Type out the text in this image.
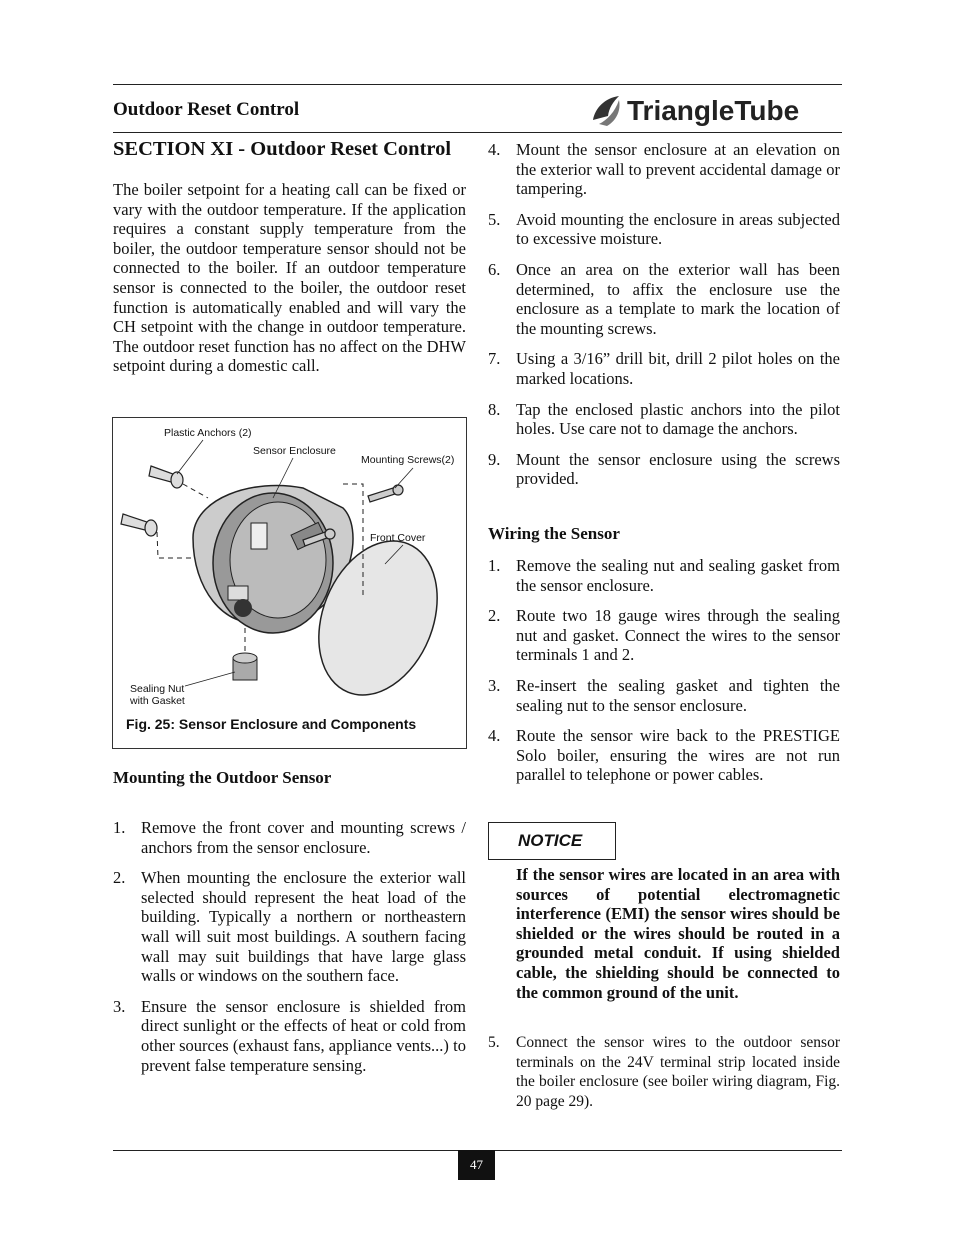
Outdoor Reset Control	TriangleTube
SECTION XI - Outdoor Reset Control
The boiler setpoint for a heating call can be fixed or vary with the outdoor temperature. If the application requires a constant supply temperature from the boiler, the outdoor temperature sensor should not be connected to the boiler. If an outdoor temperature sensor is connected to the boiler, the outdoor reset function is automatically enabled and will vary the CH setpoint with the change in outdoor temperature. The outdoor reset function has no affect on the DHW setpoint during a domestic call.
Plastic Anchors (2)
Sensor Enclosure
Mounting Screws(2)
Front Cover
Sealing Nut
with Gasket
Fig. 25: Sensor Enclosure and Components
Mounting the Outdoor Sensor
1. Remove the front cover and mounting screws / anchors from the sensor enclosure.
2. When mounting the enclosure the exterior wall selected should represent the heat load of the building. Typically a northern or northeastern wall will suit most buildings. A southern facing wall may suit buildings that have large glass walls or windows on the southern face.
3. Ensure the sensor enclosure is shielded from direct sunlight or the effects of heat or cold from other sources (exhaust fans, appliance vents...) to prevent false temperature sensing.
4. Mount the sensor enclosure at an elevation on the exterior wall to prevent accidental damage or tampering.
5. Avoid mounting the enclosure in areas subjected to excessive moisture.
6. Once an area on the exterior wall has been determined, to affix the enclosure use the enclosure as a template to mark the location of the mounting screws.
7. Using a 3/16” drill bit, drill 2 pilot holes on the marked locations.
8. Tap the enclosed plastic anchors into the pilot holes. Use care not to damage the anchors.
9. Mount the sensor enclosure using the screws provided.
Wiring the Sensor
1. Remove the sealing nut and sealing gasket from the sensor enclosure.
2. Route two 18 gauge wires through the sealing nut and gasket. Connect the wires to the sensor terminals 1 and 2.
3. Re-insert the sealing gasket and tighten the sealing nut to the sensor enclosure.
4. Route the sensor wire back to the PRESTIGE Solo boiler, ensuring the wires are not run parallel to telephone or power cables.
NOTICE
If the sensor wires are located in an area with sources of potential electromagnetic interference (EMI) the sensor wires should be shielded or the wires should be routed in a grounded metal conduit. If using shielded cable, the shielding should be connected to the common ground of the unit.
5. Connect the sensor wires to the outdoor sensor terminals on the 24V terminal strip located inside the boiler enclosure (see boiler wiring diagram, Fig. 20 page 29).
47
